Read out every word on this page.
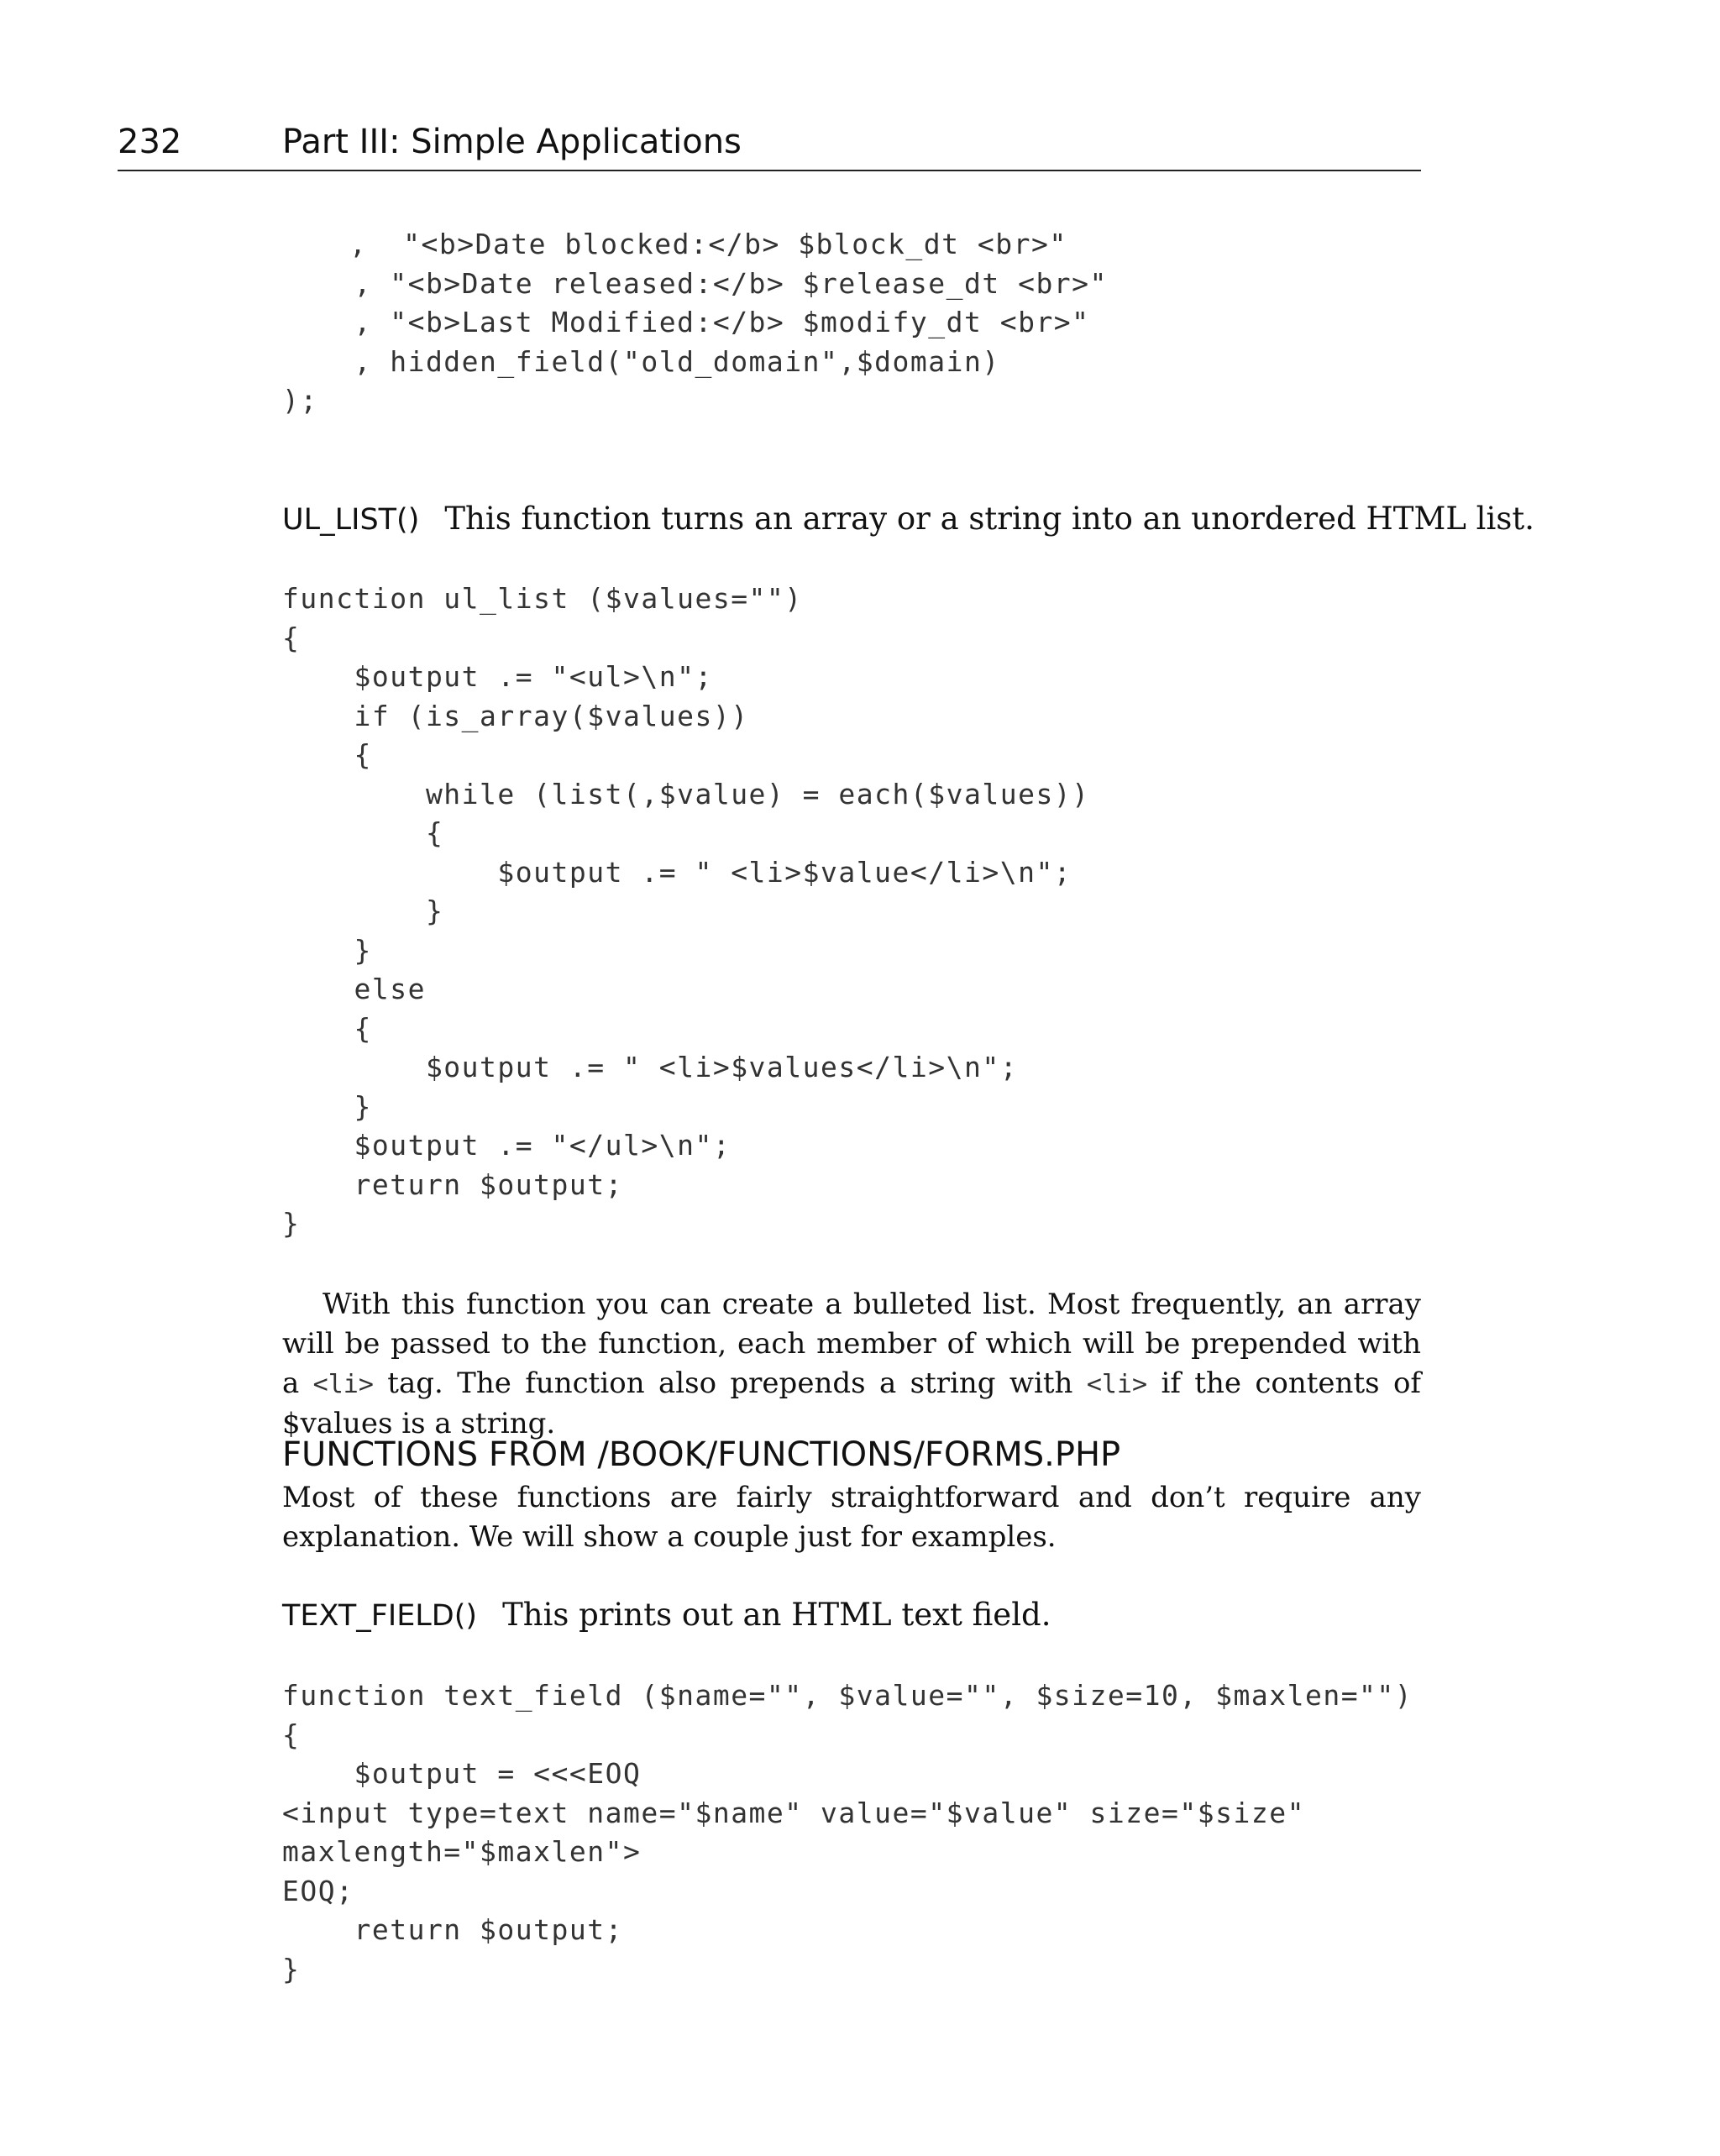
232	Part III: Simple Applications
,  "<b>Date blocked:</b> $block_dt <br>"
, "<b>Date released:</b> $release_dt <br>"
, "<b>Last Modified:</b> $modify_dt <br>"
, hidden_field("old_domain",$domain)
);
UL_LIST() This function turns an array or a string into an unordered HTML list.
function ul_list ($values="")
{
$output .= "<ul>\n";
if (is_array($values))
{
while (list(,$value) = each($values))
{
$output .= " <li>$value</li>\n";
}
}
else
{
$output .= " <li>$values</li>\n";
}
$output .= "</ul>\n";
return $output;
}

With this function you can create a bulleted list. Most frequently, an array will be passed to the function, each member of which will be prepended with a <li> tag. The function also prepends a string with <li> if the contents of $values is a string.

FUNCTIONS FROM /BOOK/FUNCTIONS/FORMS.PHP

Most of these functions are fairly straightforward and don’t require any explanation. We will show a couple just for examples.

TEXT_FIELD() This prints out an HTML text field.
function text_field ($name="", $value="", $size=10, $maxlen="")
{
$output = <<<EOQ
<input type=text name="$name" value="$value" size="$size"
maxlength="$maxlen">
EOQ;
return $output;
}
